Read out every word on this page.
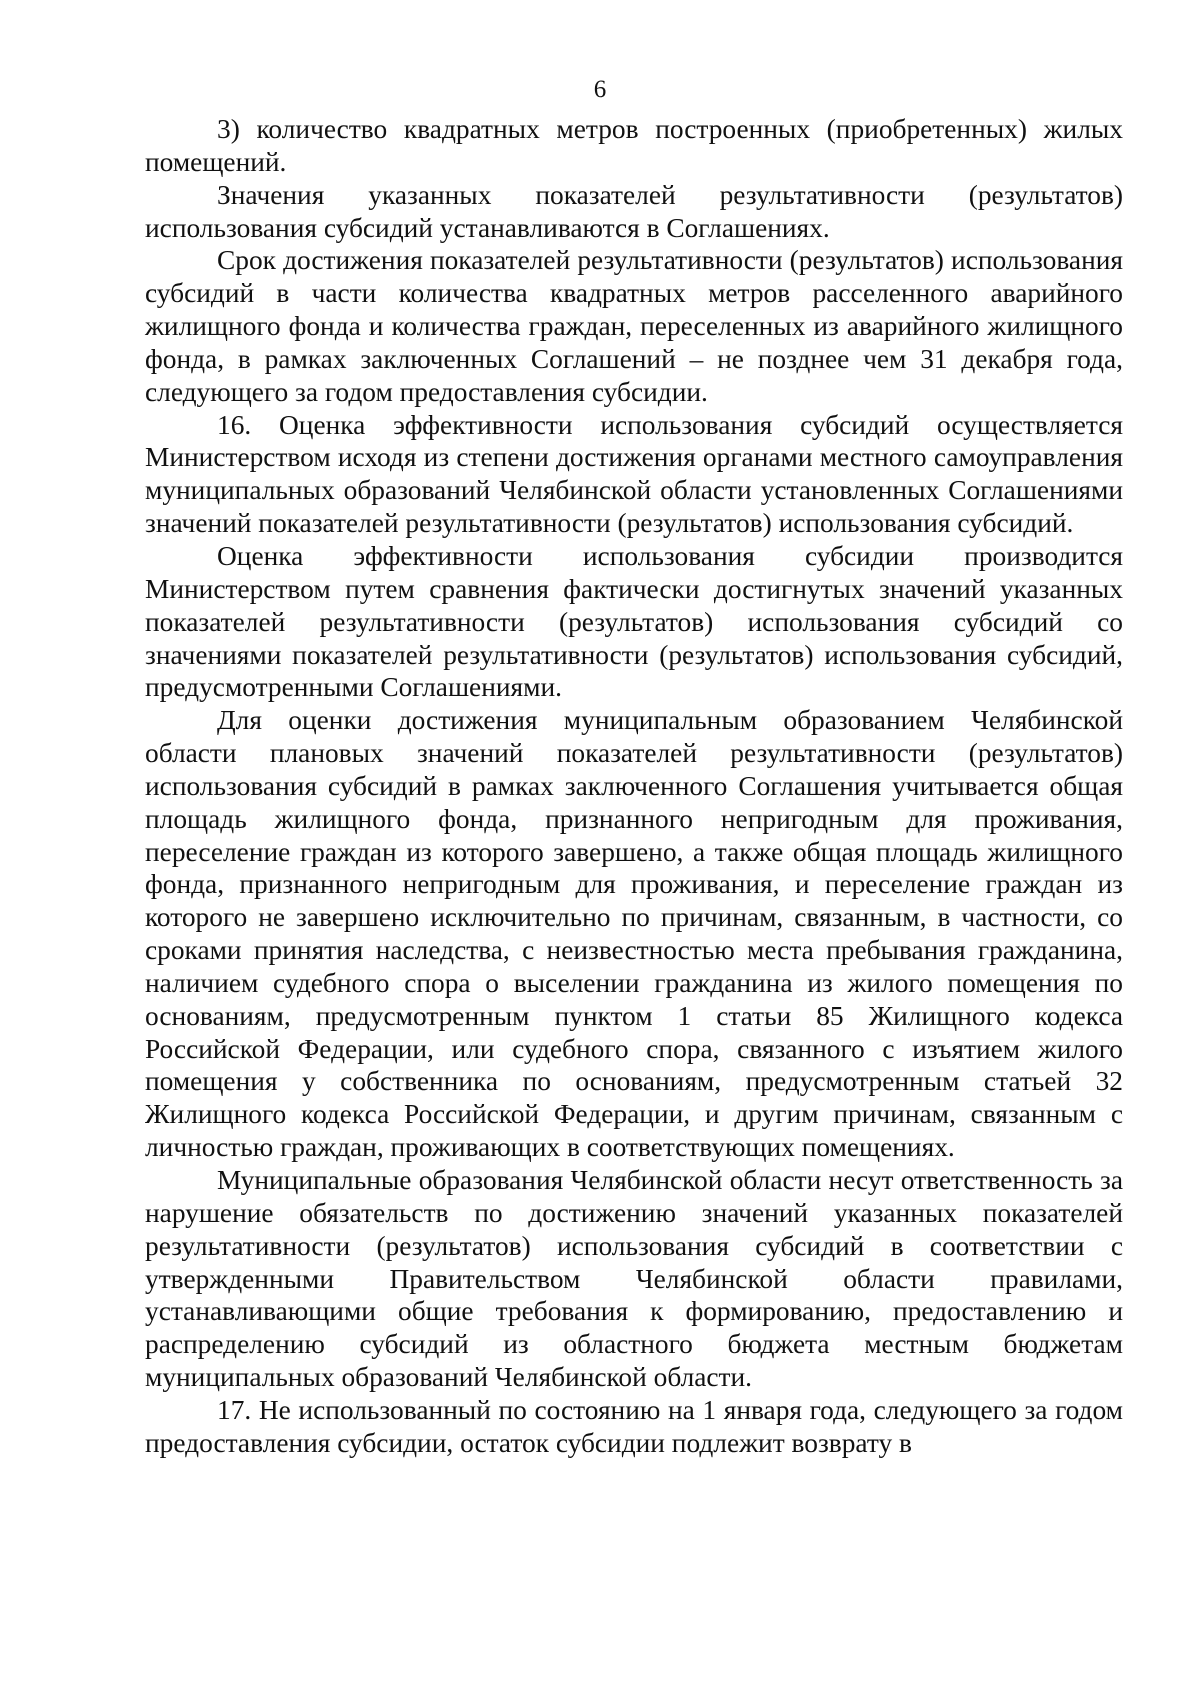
6

3) количество квадратных метров построенных (приобретенных) жилых помещений.

Значения указанных показателей результативности (результатов) использования субсидий устанавливаются в Соглашениях.

Срок достижения показателей результативности (результатов) использования субсидий в части количества квадратных метров расселенного аварийного жилищного фонда и количества граждан, переселенных из аварийного жилищного фонда, в рамках заключенных Соглашений – не позднее чем 31 декабря года, следующего за годом предоставления субсидии.

16. Оценка эффективности использования субсидий осуществляется Министерством исходя из степени достижения органами местного самоуправления муниципальных образований Челябинской области установленных Соглашениями значений показателей результативности (результатов) использования субсидий.

Оценка эффективности использования субсидии производится Министерством путем сравнения фактически достигнутых значений указанных показателей результативности (результатов) использования субсидий со значениями показателей результативности (результатов) использования субсидий, предусмотренными Соглашениями.

Для оценки достижения муниципальным образованием Челябинской области плановых значений показателей результативности (результатов) использования субсидий в рамках заключенного Соглашения учитывается общая площадь жилищного фонда, признанного непригодным для проживания, переселение граждан из которого завершено, а также общая площадь жилищного фонда, признанного непригодным для проживания, и переселение граждан из которого не завершено исключительно по причинам, связанным, в частности, со сроками принятия наследства, с неизвестностью места пребывания гражданина, наличием судебного спора о выселении гражданина из жилого помещения по основаниям, предусмотренным пунктом 1 статьи 85 Жилищного кодекса Российской Федерации, или судебного спора, связанного с изъятием жилого помещения у собственника по основаниям, предусмотренным статьей 32 Жилищного кодекса Российской Федерации, и другим причинам, связанным с личностью граждан, проживающих в соответствующих помещениях.

Муниципальные образования Челябинской области несут ответственность за нарушение обязательств по достижению значений указанных показателей результативности (результатов) использования субсидий в соответствии с утвержденными Правительством Челябинской области правилами, устанавливающими общие требования к формированию, предоставлению и распределению субсидий из областного бюджета местным бюджетам муниципальных образований Челябинской области.

17. Не использованный по состоянию на 1 января года, следующего за годом предоставления субсидии, остаток субсидии подлежит возврату в
